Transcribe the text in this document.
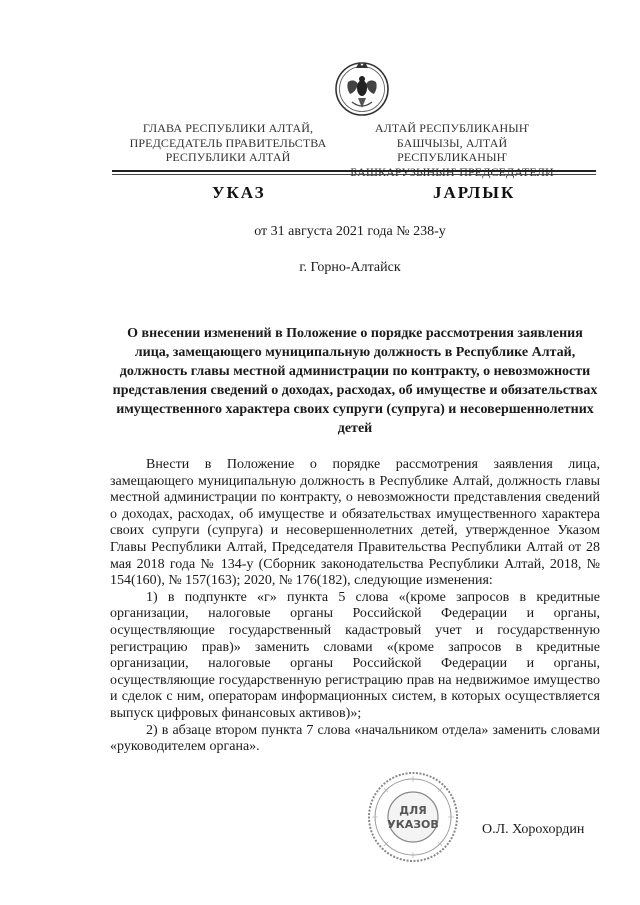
ГЛАВА РЕСПУБЛИКИ АЛТАЙ,
ПРЕДСЕДАТЕЛЬ ПРАВИТЕЛЬСТВА
РЕСПУБЛИКИ АЛТАЙ
АЛТАЙ РЕСПУБЛИКАНЫҤ
БАШЧЫЗЫ, АЛТАЙ РЕСПУБЛИКАНЫҤ
БАШКАРУЗЫНЫҤ ПРЕДСЕДАТЕЛИ
УКАЗ	ЈАРЛЫК
от 31 августа 2021 года № 238-у
г. Горно-Алтайск
О внесении изменений в Положение о порядке рассмотрения заявления лица, замещающего муниципальную должность в Республике Алтай, должность главы местной администрации по контракту, о невозможности представления сведений о доходах, расходах, об имуществе и обязательствах имущественного характера своих супруги (супруга) и несовершеннолетних детей

Внести в Положение о порядке рассмотрения заявления лица, замещающего муниципальную должность в Республике Алтай, должность главы местной администрации по контракту, о невозможности представления сведений о доходах, расходах, об имуществе и обязательствах имущественного характера своих супруги (супруга) и несовершеннолетних детей, утвержденное Указом Главы Республики Алтай, Председателя Правительства Республики Алтай от 28 мая 2018 года № 134-у (Сборник законодательства Республики Алтай, 2018, № 154(160), № 157(163); 2020, № 176(182), следующие изменения:

1) в подпункте «г» пункта 5 слова «(кроме запросов в кредитные организации, налоговые органы Российской Федерации и органы, осуществляющие государственный кадастровый учет и государственную регистрацию прав)» заменить словами «(кроме запросов в кредитные организации, налоговые органы Российской Федерации и органы, осуществляющие государственную регистрацию прав на недвижимое имущество и сделок с ним, операторам информационных систем, в которых осуществляется выпуск цифровых финансовых активов)»;

2) в абзаце втором пункта 7 слова «начальником отдела» заменить словами «руководителем органа».

ДЛЯ
УКАЗОВ	О.Л. Хорохордин
